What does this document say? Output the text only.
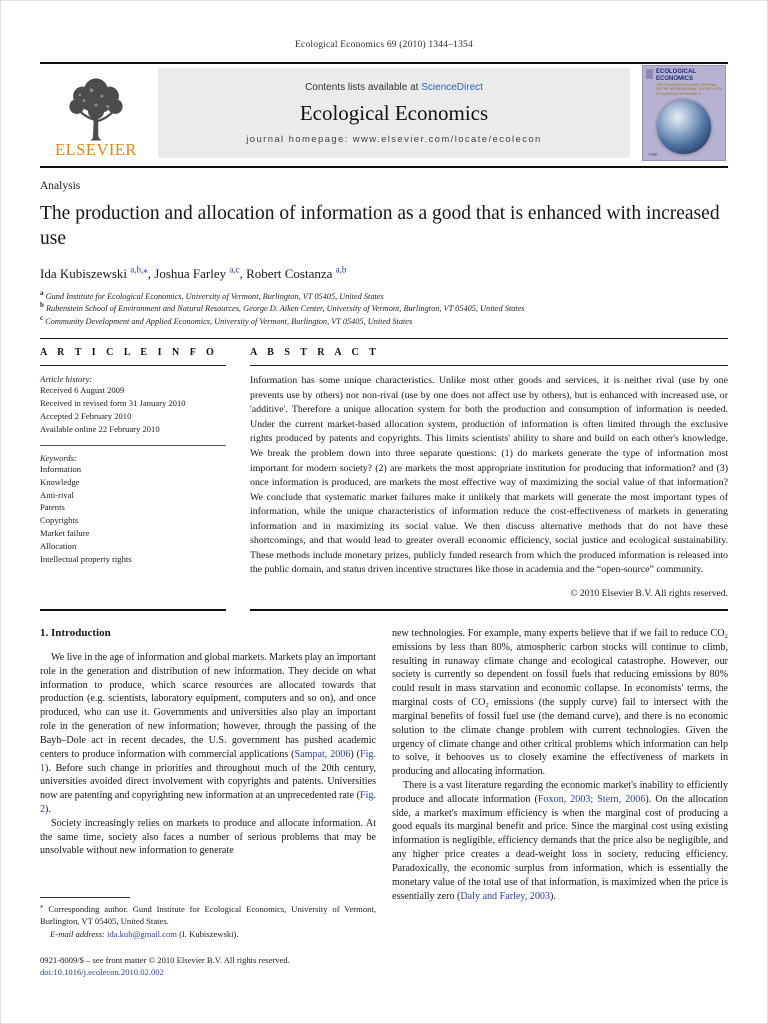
Ecological Economics 69 (2010) 1344–1354
ELSEVIER
Contents lists available at ScienceDirect
Ecological Economics
journal homepage: www.elsevier.com/locate/ecolecon
ECOLOGICAL ECONOMICS
THE TRANSDISCIPLINARY JOURNAL OF THE INTERNATIONAL SOCIETY FOR ECOLOGICAL ECONOMICS
ISEE
Analysis
The production and allocation of information as a good that is enhanced with increased use
Ida Kubiszewski $^{a,b,⁎}$, Joshua Farley $^{a,c}$, Robert Costanza $^{a,b}$
$^a$ Gund Institute for Ecological Economics, University of Vermont, Burlington, VT 05405, United States
$^b$ Rubenstein School of Environment and Natural Resources, George D. Aiken Center, University of Vermont, Burlington, VT 05405, United States
$^c$ Community Development and Applied Economics, University of Vermont, Burlington, VT 05405, United States
A R T I C L E I N F O
Article history:
Received 6 August 2009
Received in revised form 31 January 2010
Accepted 2 February 2010
Available online 22 February 2010
Keywords:
Information
Knowledge
Anti-rival
Patents
Copyrights
Market failure
Allocation
Intellectual property rights
A B S T R A C T
Information has some unique characteristics. Unlike most other goods and services, it is neither rival (use by one prevents use by others) nor non-rival (use by one does not affect use by others), but is enhanced with increased use, or 'additive'. Therefore a unique allocation system for both the production and consumption of information is needed. Under the current market-based allocation system, production of information is often limited through the exclusive rights produced by patents and copyrights. This limits scientists' ability to share and build on each other's knowledge. We break the problem down into three separate questions: (1) do markets generate the type of information most important for modern society? (2) are markets the most appropriate institution for producing that information? and (3) once information is produced, are markets the most effective way of maximizing the social value of that information? We conclude that systematic market failures make it unlikely that markets will generate the most important types of information, while the unique characteristics of information reduce the cost-effectiveness of markets in generating information and in maximizing its social value. We then discuss alternative methods that do not have these shortcomings, and that would lead to greater overall economic efficiency, social justice and ecological sustainability. These methods include monetary prizes, publicly funded research from which the produced information is released into the public domain, and status driven incentive structures like those in academia and the “open-source” community.
© 2010 Elsevier B.V. All rights reserved.
1. Introduction

We live in the age of information and global markets. Markets play an important role in the generation and distribution of new information. They decide on what information to produce, which scarce resources are allocated towards that production (e.g. scientists, laboratory equipment, computers and so on), and once produced, who can use it. Governments and universities also play an important role in the generation of new information; however, through the passing of the Bayh–Dole act in recent decades, the U.S. government has pushed academic centers to produce information with commercial applications (Sampat, 2006) (Fig. 1). Before such change in priorities and throughout much of the 20th century, universities avoided direct involvement with copyrights and patents. Universities now are patenting and copyrighting new information at an unprecedented rate (Fig. 2).

Society increasingly relies on markets to produce and allocate information. At the same time, society also faces a number of serious problems that may be unsolvable without new information to generate

⁎ Corresponding author. Gund Institute for Ecological Economics, University of Vermont, Burlington, VT 05405, United States.
E-mail address: ida.kub@gmail.com (I. Kubiszewski).
0921-8009/$ – see front matter © 2010 Elsevier B.V. All rights reserved.
doi:10.1016/j.ecolecon.2010.02.002

new technologies. For example, many experts believe that if we fail to reduce CO₂ emissions by less than 80%, atmospheric carbon stocks will continue to climb, resulting in runaway climate change and ecological catastrophe. However, our society is currently so dependent on fossil fuels that reducing emissions by 80% could result in mass starvation and economic collapse. In economists' terms, the marginal costs of CO₂ emissions (the supply curve) fail to intersect with the marginal benefits of fossil fuel use (the demand curve), and there is no economic solution to the climate change problem with current technologies. Given the urgency of climate change and other critical problems which information can help to solve, it behooves us to closely examine the effectiveness of markets in producing and allocating information.

There is a vast literature regarding the economic market's inability to efficiently produce and allocate information (Foxon, 2003; Stern, 2006). On the allocation side, a market's maximum efficiency is when the marginal cost of producing a good equals its marginal benefit and price. Since the marginal cost using existing information is negligible, efficiency demands that the price also be negligible, and any higher price creates a dead-weight loss in society, reducing efficiency. Paradoxically, the economic surplus from information, which is essentially the monetary value of the total use of that information, is maximized when the price is essentially zero (Daly and Farley, 2003).
